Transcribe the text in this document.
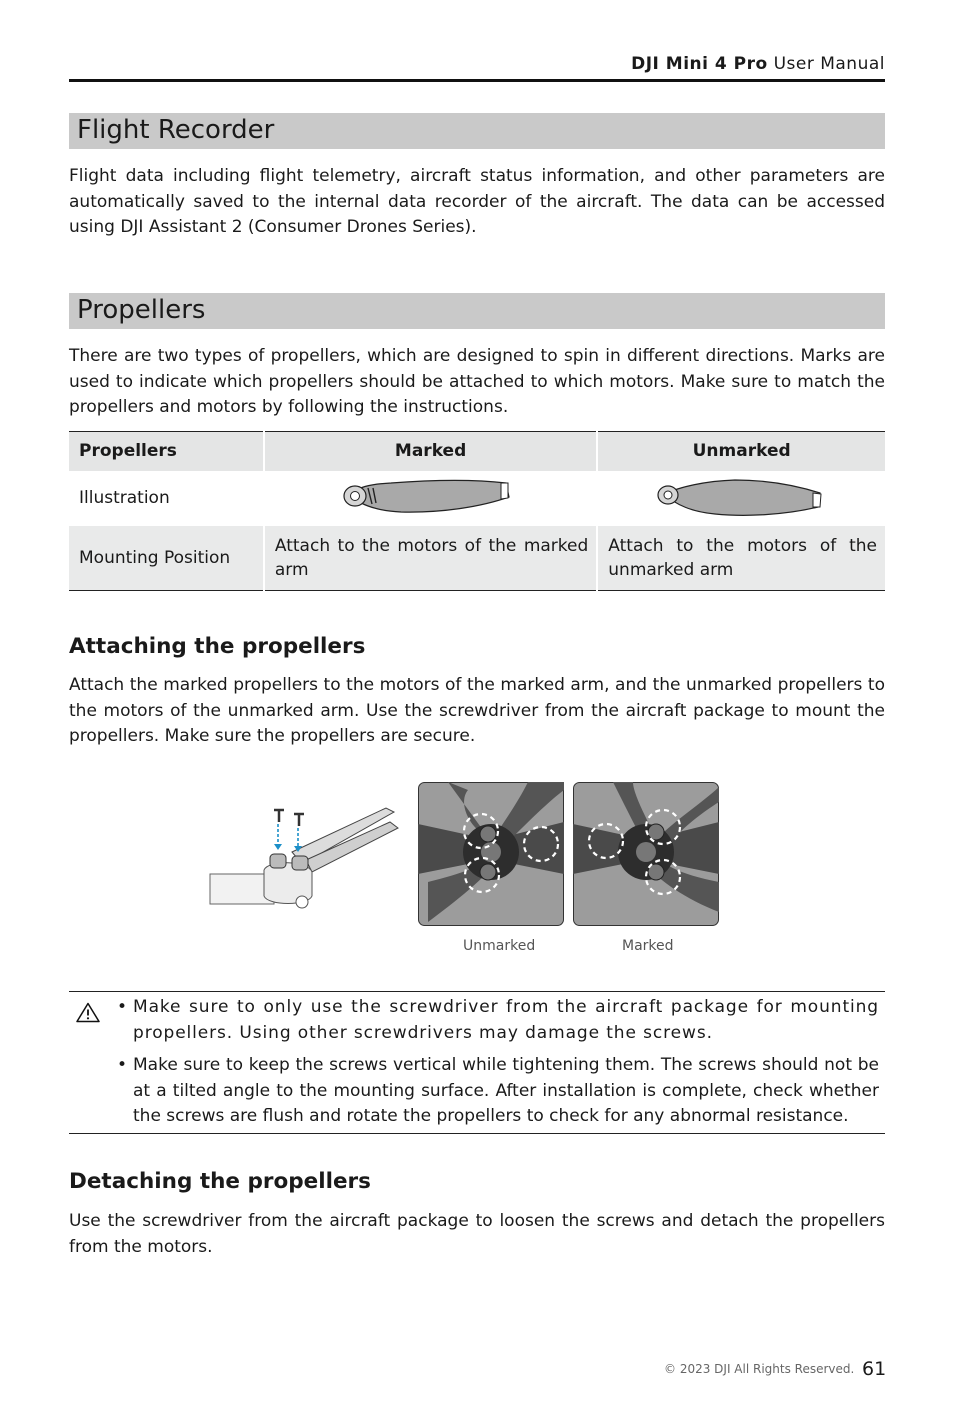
DJI Mini 4 Pro User Manual
Flight Recorder
Flight data including flight telemetry, aircraft status information, and other parameters are automatically saved to the internal data recorder of the aircraft. The data can be accessed using DJI Assistant 2 (Consumer Drones Series).
Propellers
There are two types of propellers, which are designed to spin in different directions. Marks are used to indicate which propellers should be attached to which motors. Make sure to match the propellers and motors by following the instructions.
Propellers	Marked	Unmarked
Illustration		
Mounting Position	Attach to the motors of the marked arm	Attach to the motors of the unmarked arm
Attaching the propellers
Attach the marked propellers to the motors of the marked arm, and the unmarked propellers to the motors of the unmarked arm. Use the screwdriver from the aircraft package to mount the propellers. Make sure the propellers are secure.
Unmarked	Marked
• Make sure to only use the screwdriver from the aircraft package for mounting propellers. Using other screwdrivers may damage the screws.
• Make sure to keep the screws vertical while tightening them. The screws should not be at a tilted angle to the mounting surface. After installation is complete, check whether the screws are flush and rotate the propellers to check for any abnormal resistance.
Detaching the propellers
Use the screwdriver from the aircraft package to loosen the screws and detach the propellers from the motors.
© 2023 DJI All Rights Reserved. 61
